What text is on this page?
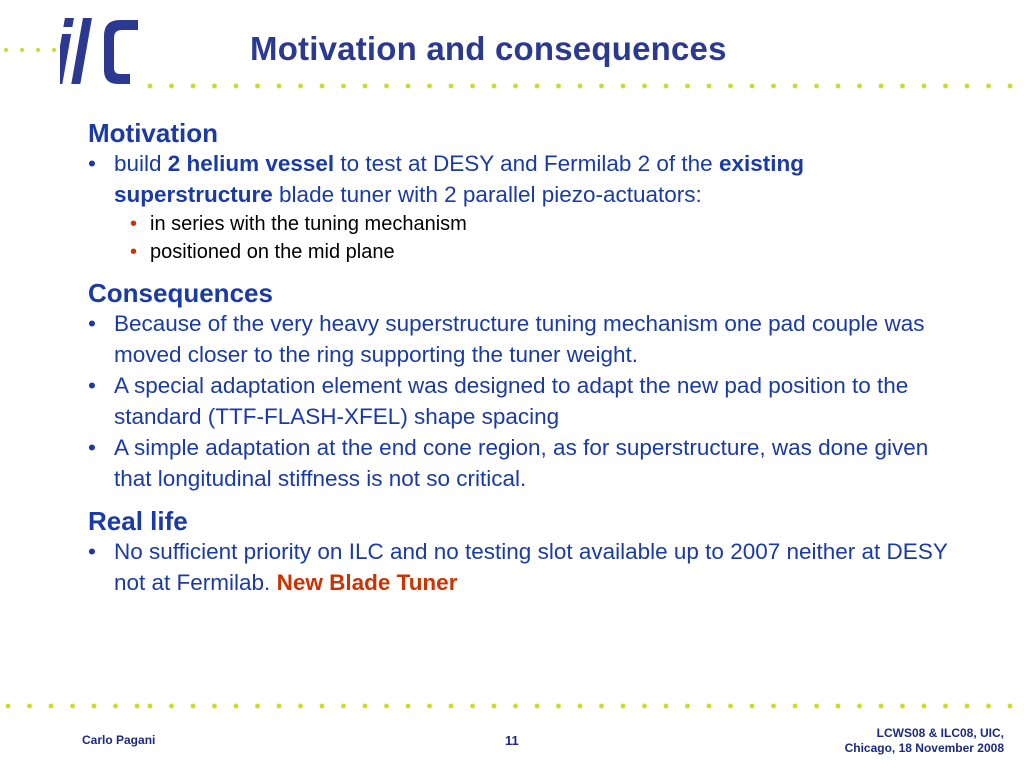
Motivation and consequences
Motivation
• build 2 helium vessel to test at DESY and Fermilab 2 of the existing superstructure blade tuner with 2 parallel piezo-actuators:
• in series with the tuning mechanism
• positioned on the mid plane
Consequences
• Because of the very heavy superstructure tuning mechanism one pad couple was moved closer to the ring supporting the tuner weight.
• A special adaptation element was designed to adapt the new pad position to the standard (TTF-FLASH-XFEL) shape spacing
• A simple adaptation at the end cone region, as for superstructure, was done given that longitudinal stiffness is not so critical.
Real life
• No sufficient priority on ILC and no testing slot available up to 2007 neither at DESY not at Fermilab. New Blade Tuner
Carlo Pagani	11	LCWS08 & ILC08, UIC,
Chicago, 18 November 2008
